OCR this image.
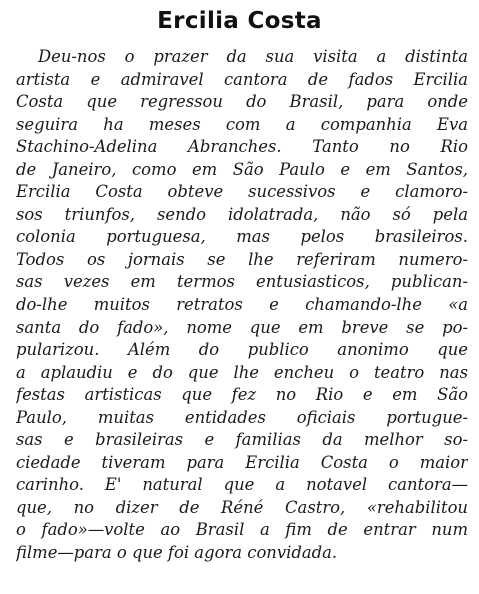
Ercilia Costa
Deu-nos o prazer da sua visita a distinta
artista e admiravel cantora de fados Ercilia
Costa que regressou do Brasil, para onde
seguira ha meses com a companhia Eva
Stachino-Adelina Abranches. Tanto no Rio
de Janeiro, como em São Paulo e em Santos,
Ercilia Costa obteve sucessivos e clamoro-
sos triunfos, sendo idolatrada, não só pela
colonia portuguesa, mas pelos brasileiros.
Todos os jornais se lhe referiram numero-
sas vezes em termos entusiasticos, publican-
do-lhe muitos retratos e chamando-lhe «a
santa do fado», nome que em breve se po-
pularizou. Além do publico anonimo que
a aplaudiu e do que lhe encheu o teatro nas
festas artisticas que fez no Rio e em São
Paulo, muitas entidades oficiais portugue-
sas e brasileiras e familias da melhor so-
ciedade tiveram para Ercilia Costa o maior
carinho. E' natural que a notavel cantora—
que, no dizer de Réné Castro, «rehabilitou
o fado»—volte ao Brasil a fim de entrar num
filme—para o que foi agora convidada.
